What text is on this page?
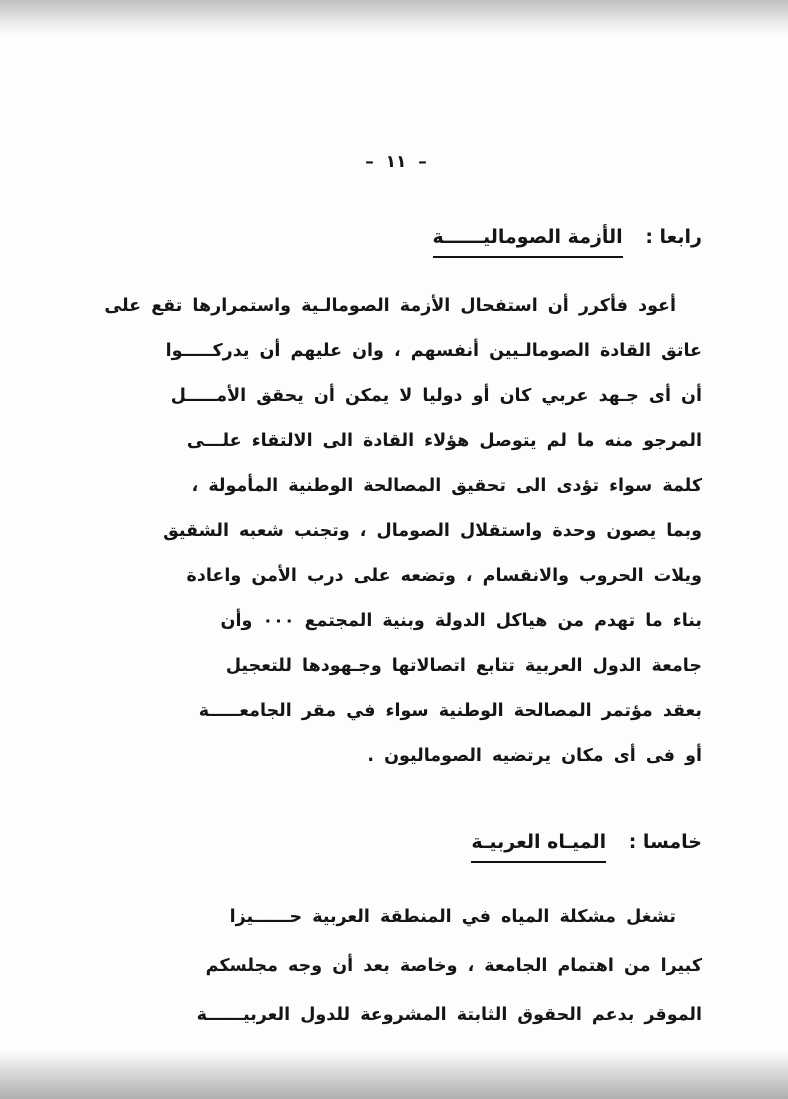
– ١١ –
رابعا : الأزمة الصوماليــــــة
أعود فأكرر أن استفحال الأزمة الصومالـية واستمرارها تقع على
عاتق القادة الصومالـيين أنفسهم ، وان عليهم أن يدركـــــوا
أن أى جـهد عربي كان أو دوليا لا يمكن أن يحقق الأمـــــل
المرجو منه ما لم يتوصل هؤلاء القادة الى الالتقاء علـــى
كلمة سواء تؤدى الى تحقيق المصالحة الوطنية المأمولة ،
وبما يصون وحدة واستقلال الصومال ، وتجنب شعبه الشقيق
ويلات الحروب والانقسام ، وتضعه على درب الأمن واعادة
بناء ما تهدم من هياكل الدولة وبنية المجتمع ٠٠٠ وأن
جامعة الدول العربية تتابع اتصالاتها وجـهودها للتعجيل
بعقد مؤتمر المصالحة الوطنية سواء في مقر الجامعـــــة
أو فى أى مكان يرتضيه الصوماليون .
خامسا : الميـاه العربيـة
تشغل مشكلة المياه في المنطقة العربية حــــــيزا
كبيرا من اهتمام الجامعة ، وخاصة بعد أن وجه مجلسكم
الموقر بدعم الحقوق الثابتة المشروعة للدول العربيــــــة
